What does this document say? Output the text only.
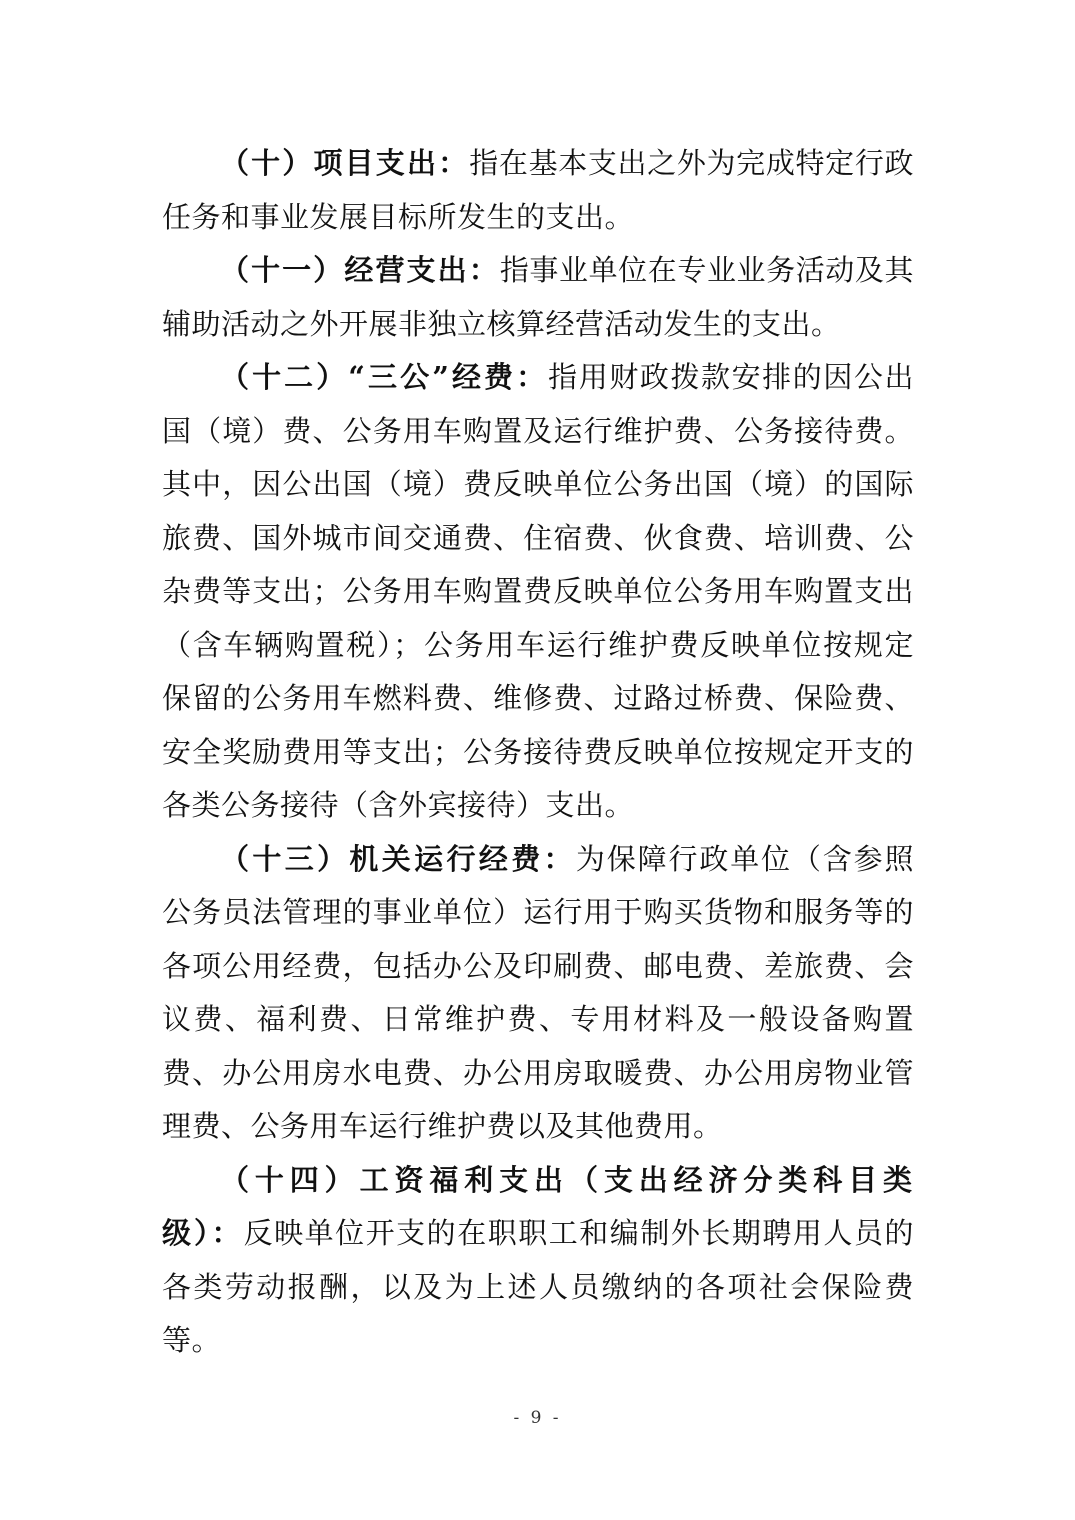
（十）项目支出：指在基本支出之外为完成特定行政任务和事业发展目标所发生的支出。

（十一）经营支出：指事业单位在专业业务活动及其辅助活动之外开展非独立核算经营活动发生的支出。

（十二）“三公”经费：指用财政拨款安排的因公出国（境）费、公务用车购置及运行维护费、公务接待费。其中，因公出国（境）费反映单位公务出国（境）的国际旅费、国外城市间交通费、住宿费、伙食费、培训费、公杂费等支出；公务用车购置费反映单位公务用车购置支出（含车辆购置税）；公务用车运行维护费反映单位按规定保留的公务用车燃料费、维修费、过路过桥费、保险费、安全奖励费用等支出；公务接待费反映单位按规定开支的各类公务接待（含外宾接待）支出。

（十三）机关运行经费：为保障行政单位（含参照公务员法管理的事业单位）运行用于购买货物和服务等的各项公用经费，包括办公及印刷费、邮电费、差旅费、会议费、福利费、日常维护费、专用材料及一般设备购置费、办公用房水电费、办公用房取暖费、办公用房物业管理费、公务用车运行维护费以及其他费用。

（十四）工资福利支出（支出经济分类科目类级）：反映单位开支的在职职工和编制外长期聘用人员的各类劳动报酬，以及为上述人员缴纳的各项社会保险费等。

- 9 -
